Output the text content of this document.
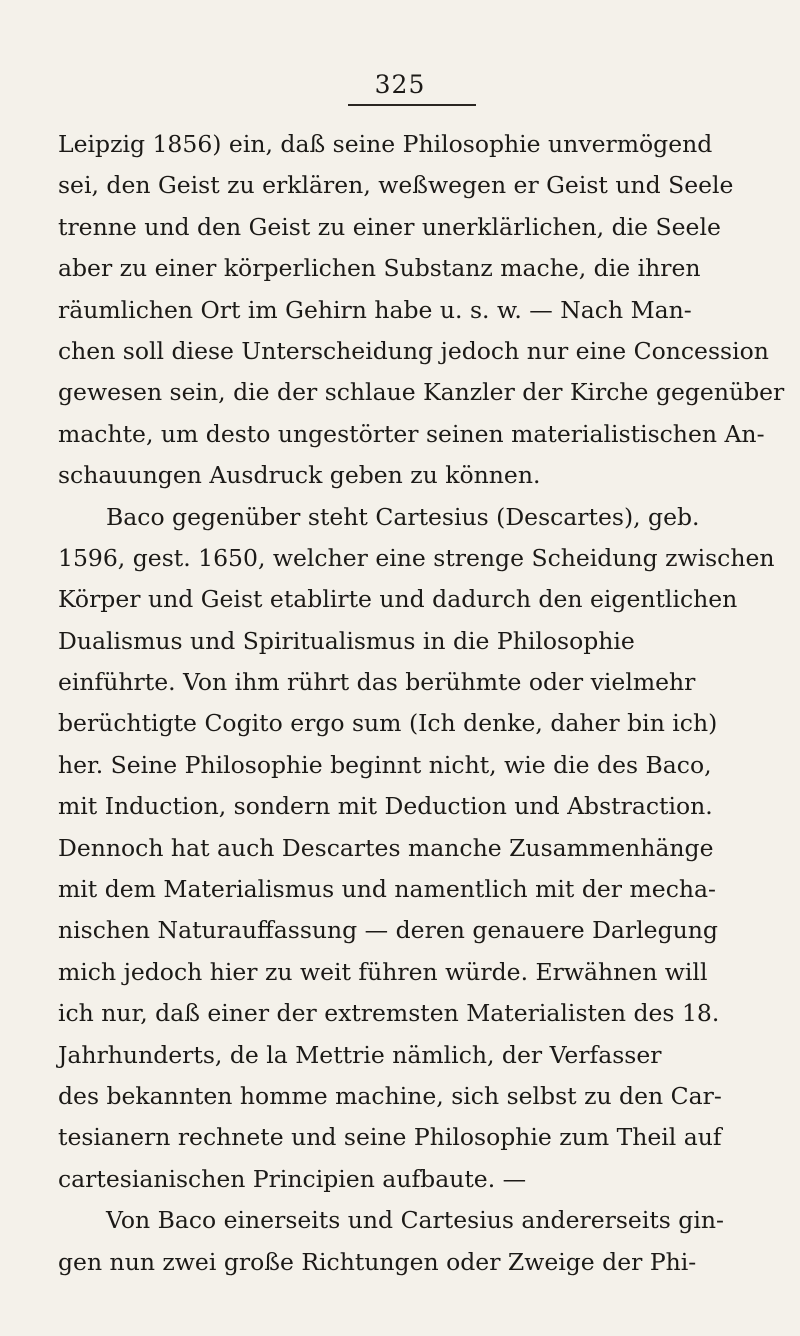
325
Leipzig 1856) ein, daß seine Philosophie unvermögend
sei, den Geist zu erklären, weßwegen er Geist und Seele
trenne und den Geist zu einer unerklärlichen, die Seele
aber zu einer körperlichen Substanz mache, die ihren
räumlichen Ort im Gehirn habe u. s. w. — Nach Man-
chen soll diese Unterscheidung jedoch nur eine Concession
gewesen sein, die der schlaue Kanzler der Kirche gegenüber
machte, um desto ungestörter seinen materialistischen An-
schauungen Ausdruck geben zu können.
Baco gegenüber steht Cartesius (Descartes), geb.
1596, gest. 1650, welcher eine strenge Scheidung zwischen
Körper und Geist etablirte und dadurch den eigentlichen
Dualismus und Spiritualismus in die Philosophie
einführte. Von ihm rührt das berühmte oder vielmehr
berüchtigte Cogito ergo sum (Ich denke, daher bin ich)
her. Seine Philosophie beginnt nicht, wie die des Baco,
mit Induction, sondern mit Deduction und Abstraction.
Dennoch hat auch Descartes manche Zusammenhänge
mit dem Materialismus und namentlich mit der mecha-
nischen Naturauffassung — deren genauere Darlegung
mich jedoch hier zu weit führen würde. Erwähnen will
ich nur, daß einer der extremsten Materialisten des 18.
Jahrhunderts, de la Mettrie nämlich, der Verfasser
des bekannten homme machine, sich selbst zu den Car-
tesianern rechnete und seine Philosophie zum Theil auf
cartesianischen Principien aufbaute. —
Von Baco einerseits und Cartesius andererseits gin-
gen nun zwei große Richtungen oder Zweige der Phi-
